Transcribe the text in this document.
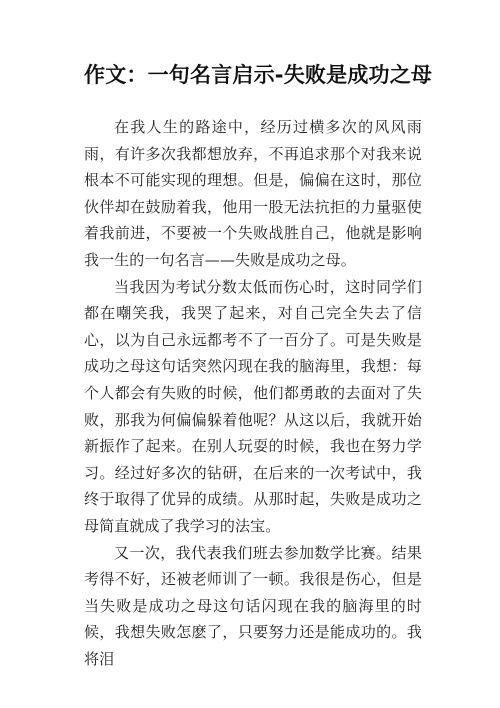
作文：一句名言启示-失败是成功之母

在我人生的路途中，经历过横多次的风风雨雨，有许多次我都想放弃，不再追求那个对我来说根本不可能实现的理想。但是，偏偏在这时，那位伙伴却在鼓励着我，他用一股无法抗拒的力量驱使着我前进，不要被一个失败战胜自己，他就是影响我一生的一句名言——失败是成功之母。

当我因为考试分数太低而伤心时，这时同学们都在嘲笑我，我哭了起来，对自己完全失去了信心，以为自己永远都考不了一百分了。可是失败是成功之母这句话突然闪现在我的脑海里，我想：每个人都会有失败的时候，他们都勇敢的去面对了失败，那我为何偏偏躲着他呢？从这以后，我就开始新振作了起来。在别人玩耍的时候，我也在努力学习。经过好多次的钻研，在后来的一次考试中，我终于取得了优异的成绩。从那时起，失败是成功之母简直就成了我学习的法宝。

又一次，我代表我们班去参加数学比赛。结果考得不好，还被老师训了一顿。我很是伤心，但是当失败是成功之母这句话闪现在我的脑海里的时候，我想失败怎麽了，只要努力还是能成功的。我将泪
